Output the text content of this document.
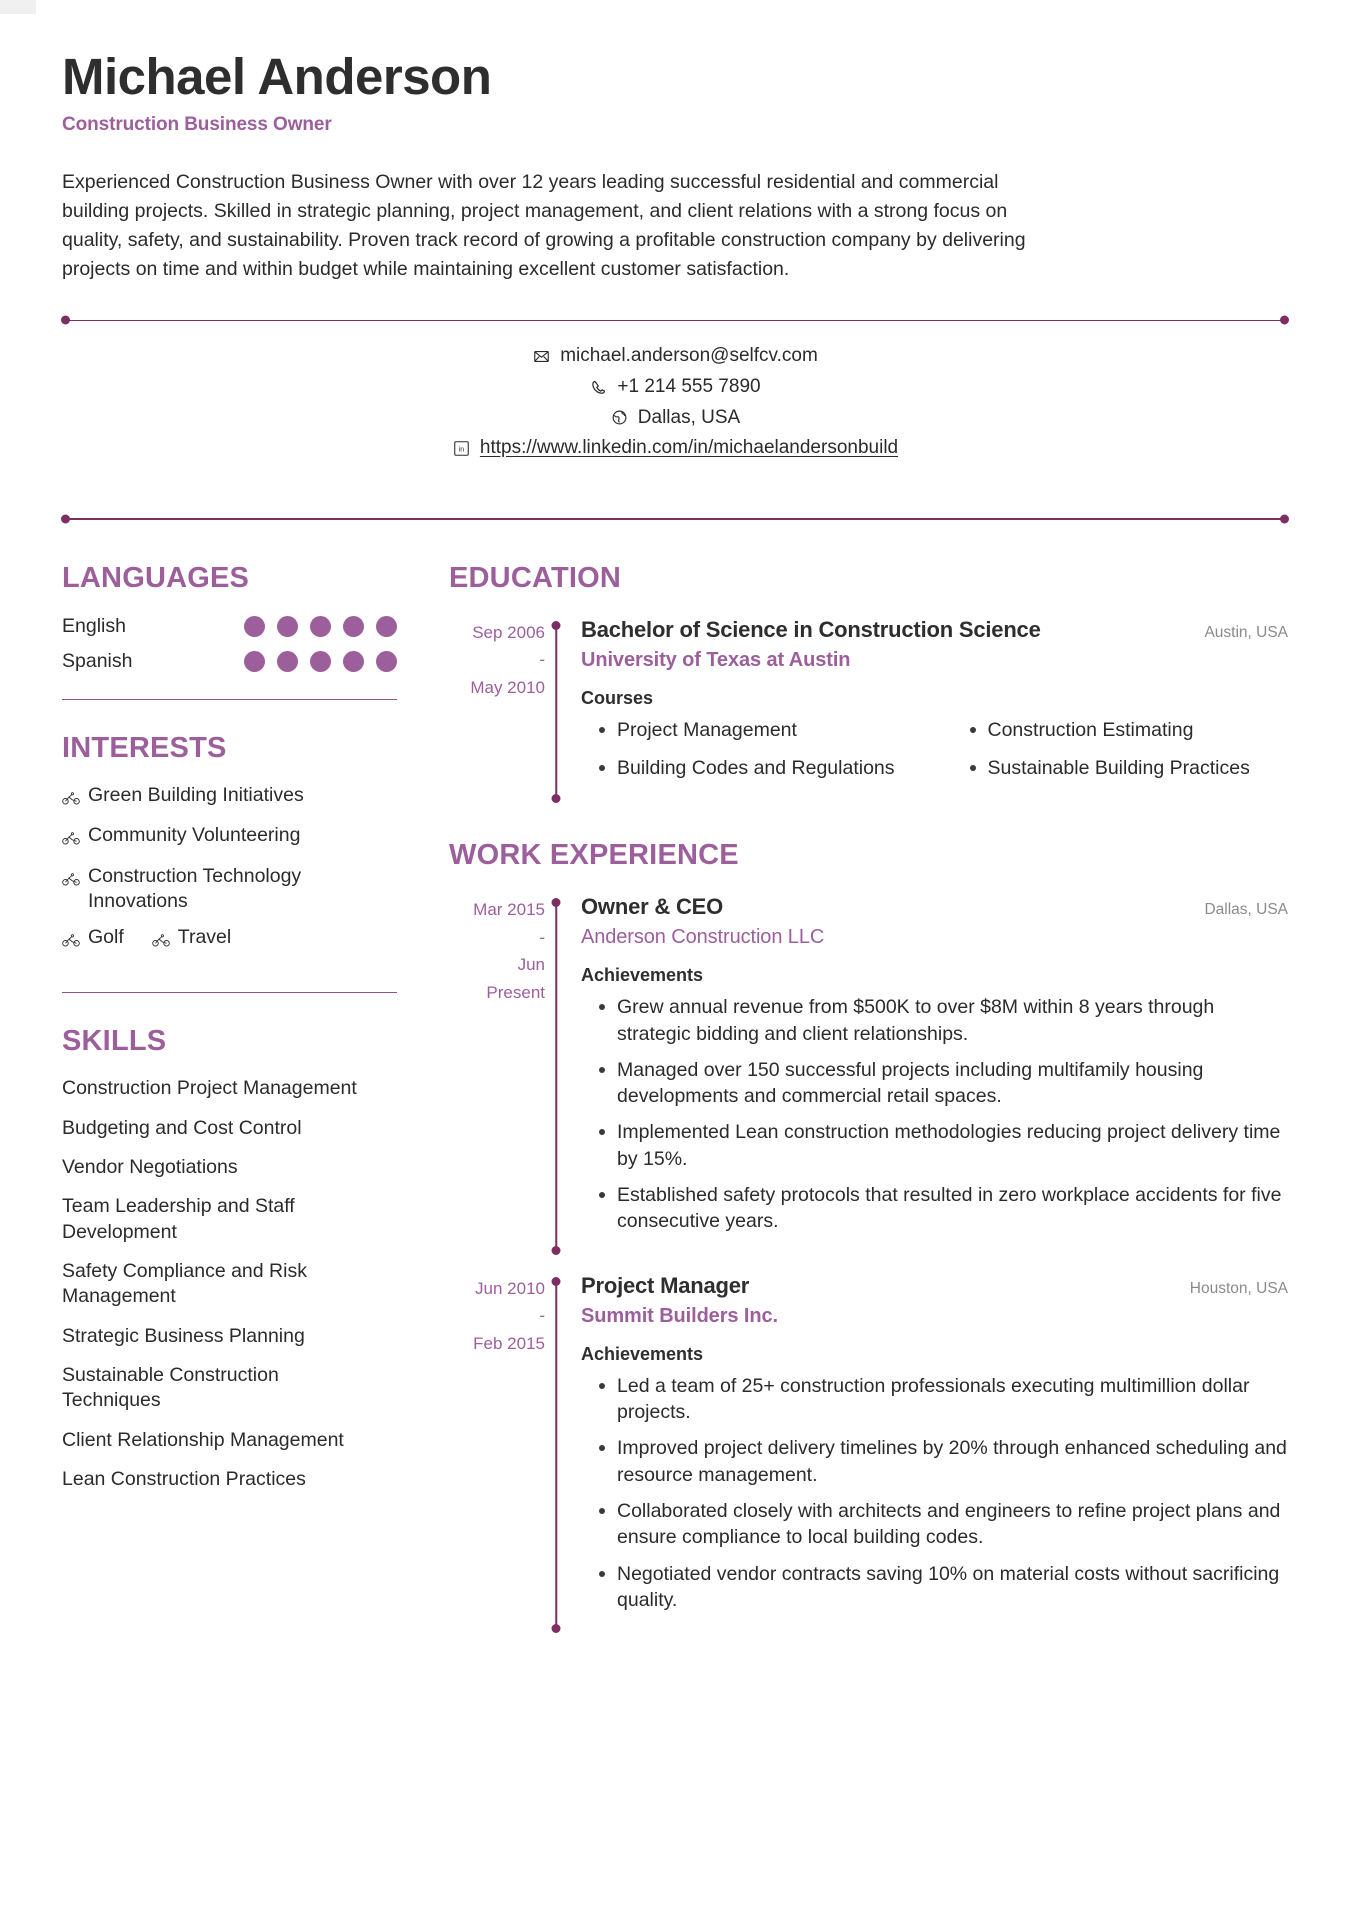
Michael Anderson
Construction Business Owner

Experienced Construction Business Owner with over 12 years leading successful residential and commercial building projects. Skilled in strategic planning, project management, and client relations with a strong focus on quality, safety, and sustainability. Proven track record of growing a profitable construction company by delivering projects on time and within budget while maintaining excellent customer satisfaction.

michael.anderson@selfcv.com
+1 214 555 7890
Dallas, USA
in https://www.linkedin.com/in/michaelandersonbuild
LANGUAGES
English
Spanish
INTERESTS
Green Building Initiatives
Community Volunteering
Construction Technology Innovations
Golf	Travel
SKILLS
Construction Project Management
Budgeting and Cost Control
Vendor Negotiations
Team Leadership and Staff Development
Safety Compliance and Risk Management
Strategic Business Planning
Sustainable Construction Techniques
Client Relationship Management
Lean Construction Practices
EDUCATION
Sep 2006
-
May 2010
Bachelor of Science in Construction Science	Austin, USA
University of Texas at Austin
Courses
Project Management	Construction Estimating
Building Codes and Regulations	Sustainable Building Practices
WORK EXPERIENCE
Mar 2015
-
Jun
Present
Owner & CEO	Dallas, USA
Anderson Construction LLC
Achievements
Grew annual revenue from $500K to over $8M within 8 years through strategic bidding and client relationships.
Managed over 150 successful projects including multifamily housing developments and commercial retail spaces.
Implemented Lean construction methodologies reducing project delivery time by 15%.
Established safety protocols that resulted in zero workplace accidents for five consecutive years.
Jun 2010
-
Feb 2015
Project Manager	Houston, USA
Summit Builders Inc.
Achievements
Led a team of 25+ construction professionals executing multimillion dollar projects.
Improved project delivery timelines by 20% through enhanced scheduling and resource management.
Collaborated closely with architects and engineers to refine project plans and ensure compliance to local building codes.
Negotiated vendor contracts saving 10% on material costs without sacrificing quality.
